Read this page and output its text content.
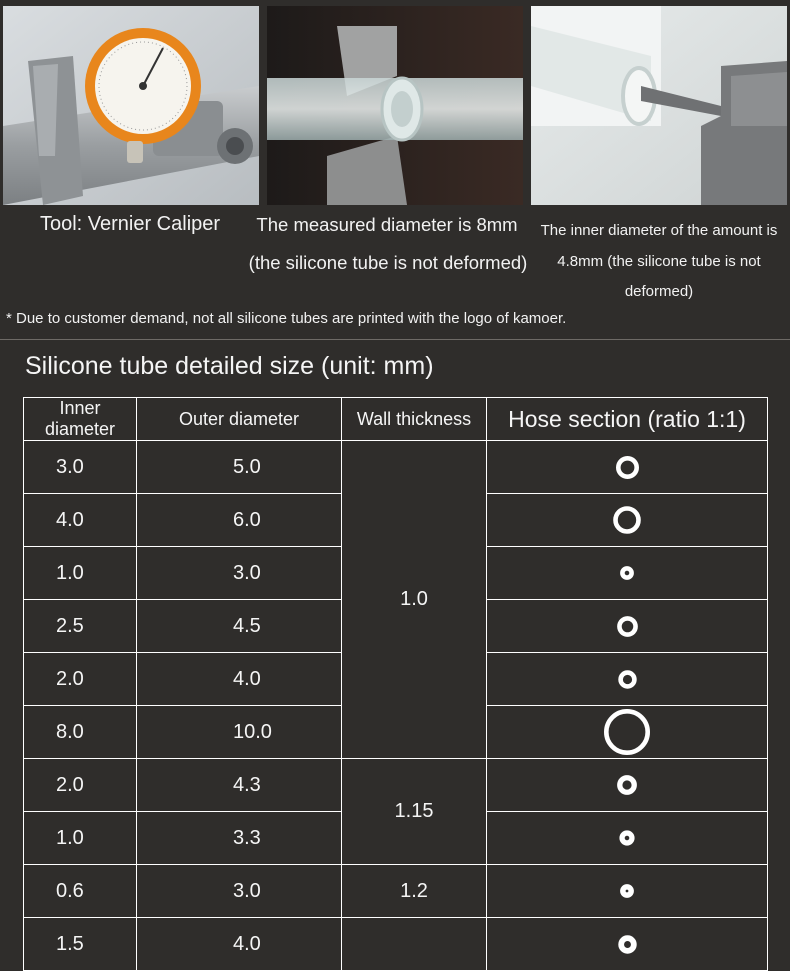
Tool: Vernier Caliper	The measured diameter is 8mm
(the silicone tube is not deformed)
The inner diameter of the amount is
4.8mm (the silicone tube is not
deformed)
* Due to customer demand, not all silicone tubes are printed with the logo of kamoer.
Silicone tube detailed size (unit: mm)
Inner diameter	Outer diameter	Wall thickness	Hose section (ratio 1:1)
3.0	5.0	1.0	

4.0	6.0	

1.0	3.0	

2.5	4.5	

2.0	4.0	

8.0	10.0	

2.0	4.3	1.15	

1.0	3.3	

0.6	3.0	1.2	

1.5	4.0		
